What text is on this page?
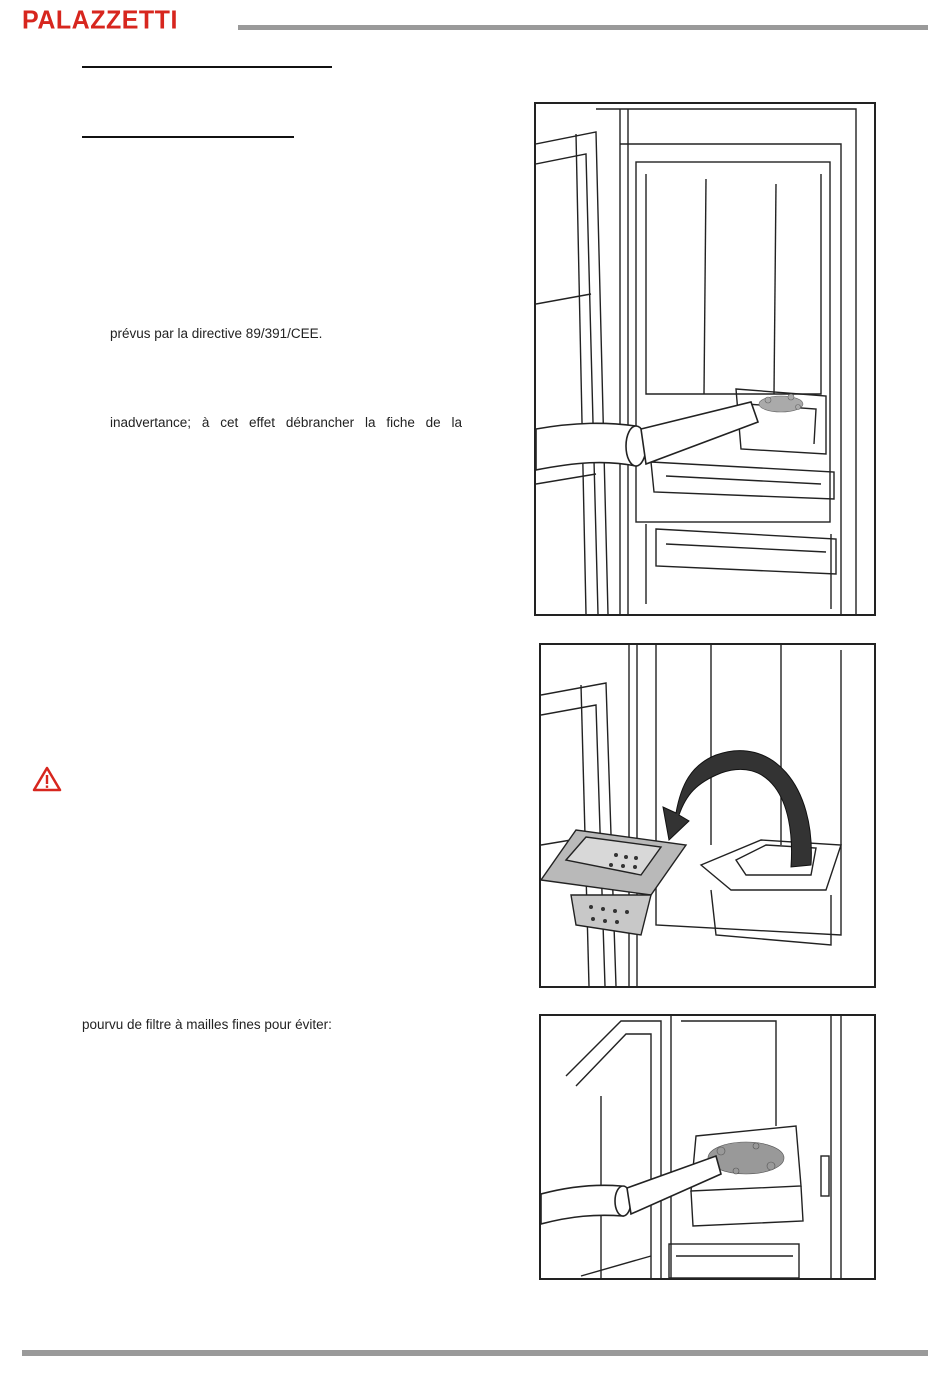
PALAZZETTI
prévus par la directive 89/391/CEE.
inadvertance; à cet effet débrancher la fiche de la
pourvu de filtre à mailles fines pour éviter:
